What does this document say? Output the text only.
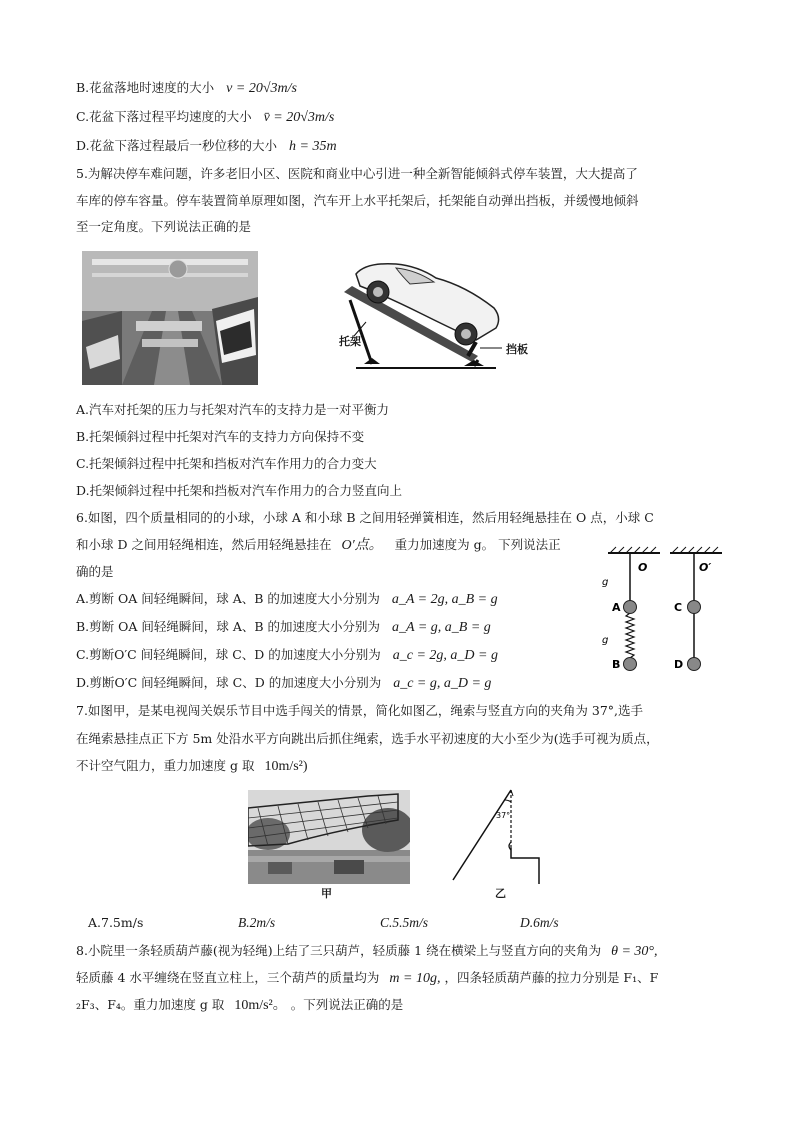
B.花盆落地时速度的大小 v = 20√3m/s
C.花盆下落过程平均速度的大小 v̄ = 20√3m/s
D.花盆下落过程最后一秒位移的大小 h = 35m
5.为解决停车难问题，许多老旧小区、医院和商业中心引进一种全新智能倾斜式停车装置，大大提高了
车库的停车容量。停车装置简单原理如图，汽车开上水平托架后，托架能自动弹出挡板，并缓慢地倾斜
至一定角度。下列说法正确的是
托架
挡板
A.汽车对托架的压力与托架对汽车的支持力是一对平衡力
B.托架倾斜过程中托架对汽车的支持力方向保持不变
C.托架倾斜过程中托架和挡板对汽车作用力的合力变大
D.托架倾斜过程中托架和挡板对汽车作用力的合力竖直向上
6.如图，四个质量相同的的小球，小球 A 和小球 B 之间用轻弹簧相连，然后用轻绳悬挂在 O 点，小球 C
和小球 D 之间用轻绳相连，然后用轻绳悬挂在 O′点。 重力加速度为 g。 下列说法正
确的是
A.剪断 OA 间轻绳瞬间，球 A、B 的加速度大小分别为 a_A = 2g, a_B = g
B.剪断 OA 间轻绳瞬间，球 A、B 的加速度大小分别为 a_A = g, a_B = g
C.剪断O′C 间轻绳瞬间，球 C、D 的加速度大小分别为 a_c = 2g, a_D = g
D.剪断O′C 间轻绳瞬间，球 C、D 的加速度大小分别为 a_c = g, a_D = g
O	O′
A
B
C
D
g
g
7.如图甲，是某电视闯关娱乐节目中选手闯关的情景，简化如图乙，绳索与竖直方向的夹角为 37°,选手
在绳索悬挂点正下方 5m 处沿水平方向跳出后抓住绳索，选手水平初速度的大小至少为(选手可视为质点，
不计空气阻力，重力加速度 g 取 10m/s²)
甲
37°
乙
A.7.5m/s	B.2m/s	C.5.5m/s	D.6m/s
8.小院里一条轻质葫芦藤(视为轻绳)上结了三只葫芦，轻质藤 1 绕在横梁上与竖直方向的夹角为 θ = 30°,
轻质藤 4 水平缠绕在竖直立柱上，三个葫芦的质量均为 m = 10g, ，四条轻质葫芦藤的拉力分别是 F₁、F
₂F₃、F₄。重力加速度 g 取 10m/s²。 。下列说法正确的是
